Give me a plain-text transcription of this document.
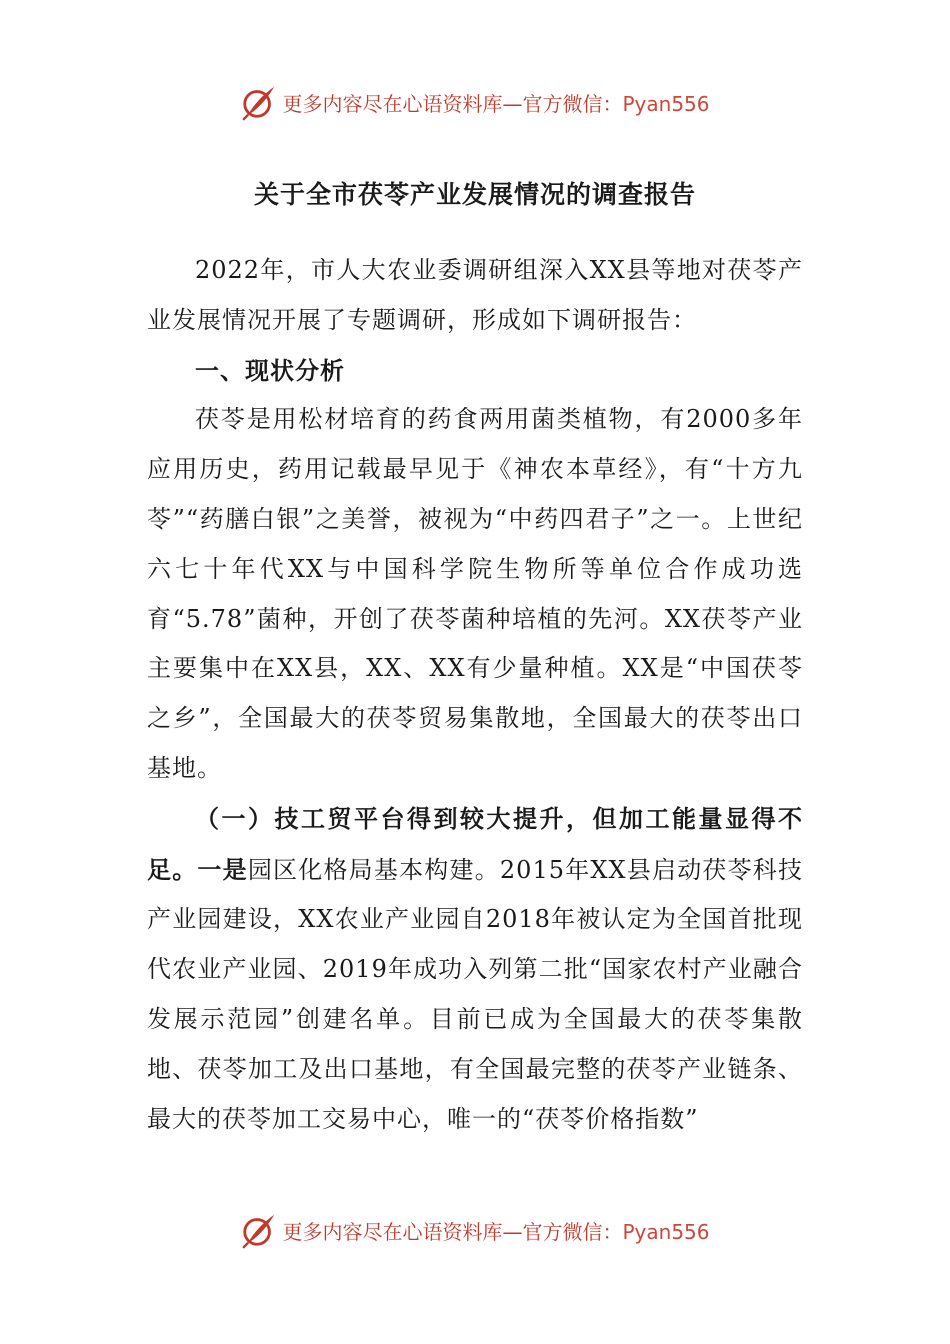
更多内容尽在心语资料库—官方微信：Pyan556
关于全市茯苓产业发展情况的调查报告

2022年，市人大农业委调研组深入XX县等地对茯苓产业发展情况开展了专题调研，形成如下调研报告：

一、现状分析

茯苓是用松材培育的药食两用菌类植物，有2000多年应用历史，药用记载最早见于《神农本草经》，有“十方九苓”“药膳白银”之美誉，被视为“中药四君子”之一。上世纪六七十年代XX与中国科学院生物所等单位合作成功选育“5.78”菌种，开创了茯苓菌种培植的先河。XX茯苓产业主要集中在XX县，XX、XX有少量种植。XX是“中国茯苓之乡”，全国最大的茯苓贸易集散地，全国最大的茯苓出口基地。

（一）技工贸平台得到较大提升，但加工能量显得不足。一是园区化格局基本构建。2015年XX县启动茯苓科技产业园建设，XX农业产业园自2018年被认定为全国首批现代农业产业园、2019年成功入列第二批“国家农村产业融合发展示范园”创建名单。目前已成为全国最大的茯苓集散地、茯苓加工及出口基地，有全国最完整的茯苓产业链条、最大的茯苓加工交易中心，唯一的“茯苓价格指数”

更多内容尽在心语资料库—官方微信：Pyan556
